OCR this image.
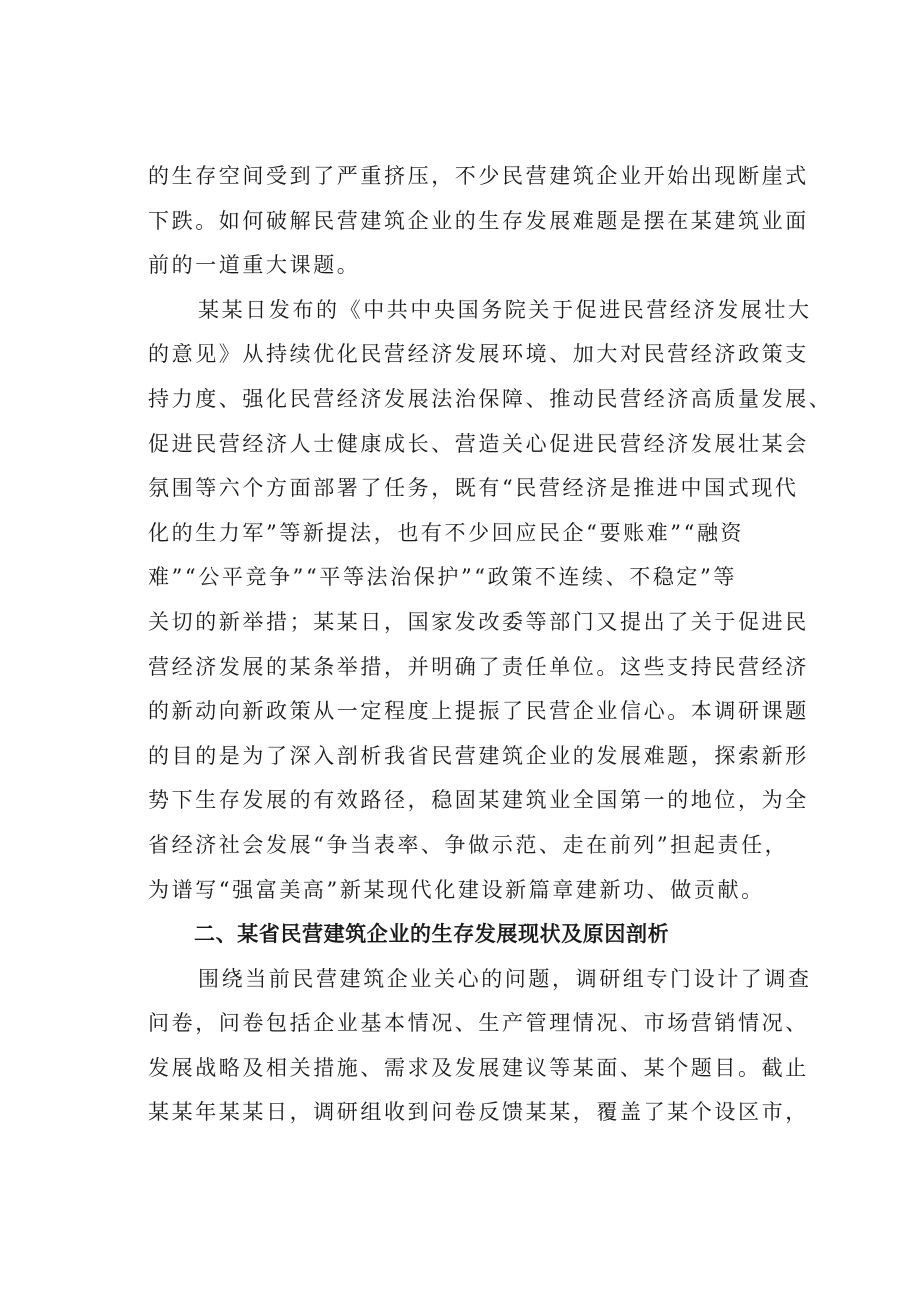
的生存空间受到了严重挤压，不少民营建筑企业开始出现断崖式
下跌。如何破解民营建筑企业的生存发展难题是摆在某建筑业面
前的一道重大课题。
某某日发布的《中共中央国务院关于促进民营经济发展壮大
的意见》从持续优化民营经济发展环境、加大对民营经济政策支
持力度、强化民营经济发展法治保障、推动民营经济高质量发展、
促进民营经济人士健康成长、营造关心促进民营经济发展壮某会
氛围等六个方面部署了任务，既有“民营经济是推进中国式现代
化的生力军”等新提法，也有不少回应民企“要账难”“融资
难”“公平竞争”“平等法治保护”“政策不连续、不稳定”等
关切的新举措；某某日，国家发改委等部门又提出了关于促进民
营经济发展的某条举措，并明确了责任单位。这些支持民营经济
的新动向新政策从一定程度上提振了民营企业信心。本调研课题
的目的是为了深入剖析我省民营建筑企业的发展难题，探索新形
势下生存发展的有效路径，稳固某建筑业全国第一的地位，为全
省经济社会发展“争当表率、争做示范、走在前列”担起责任，
为谱写“强富美高”新某现代化建设新篇章建新功、做贡献。
二、某省民营建筑企业的生存发展现状及原因剖析
围绕当前民营建筑企业关心的问题，调研组专门设计了调查
问卷，问卷包括企业基本情况、生产管理情况、市场营销情况、
发展战略及相关措施、需求及发展建议等某面、某个题目。截止
某某年某某日，调研组收到问卷反馈某某，覆盖了某个设区市，
